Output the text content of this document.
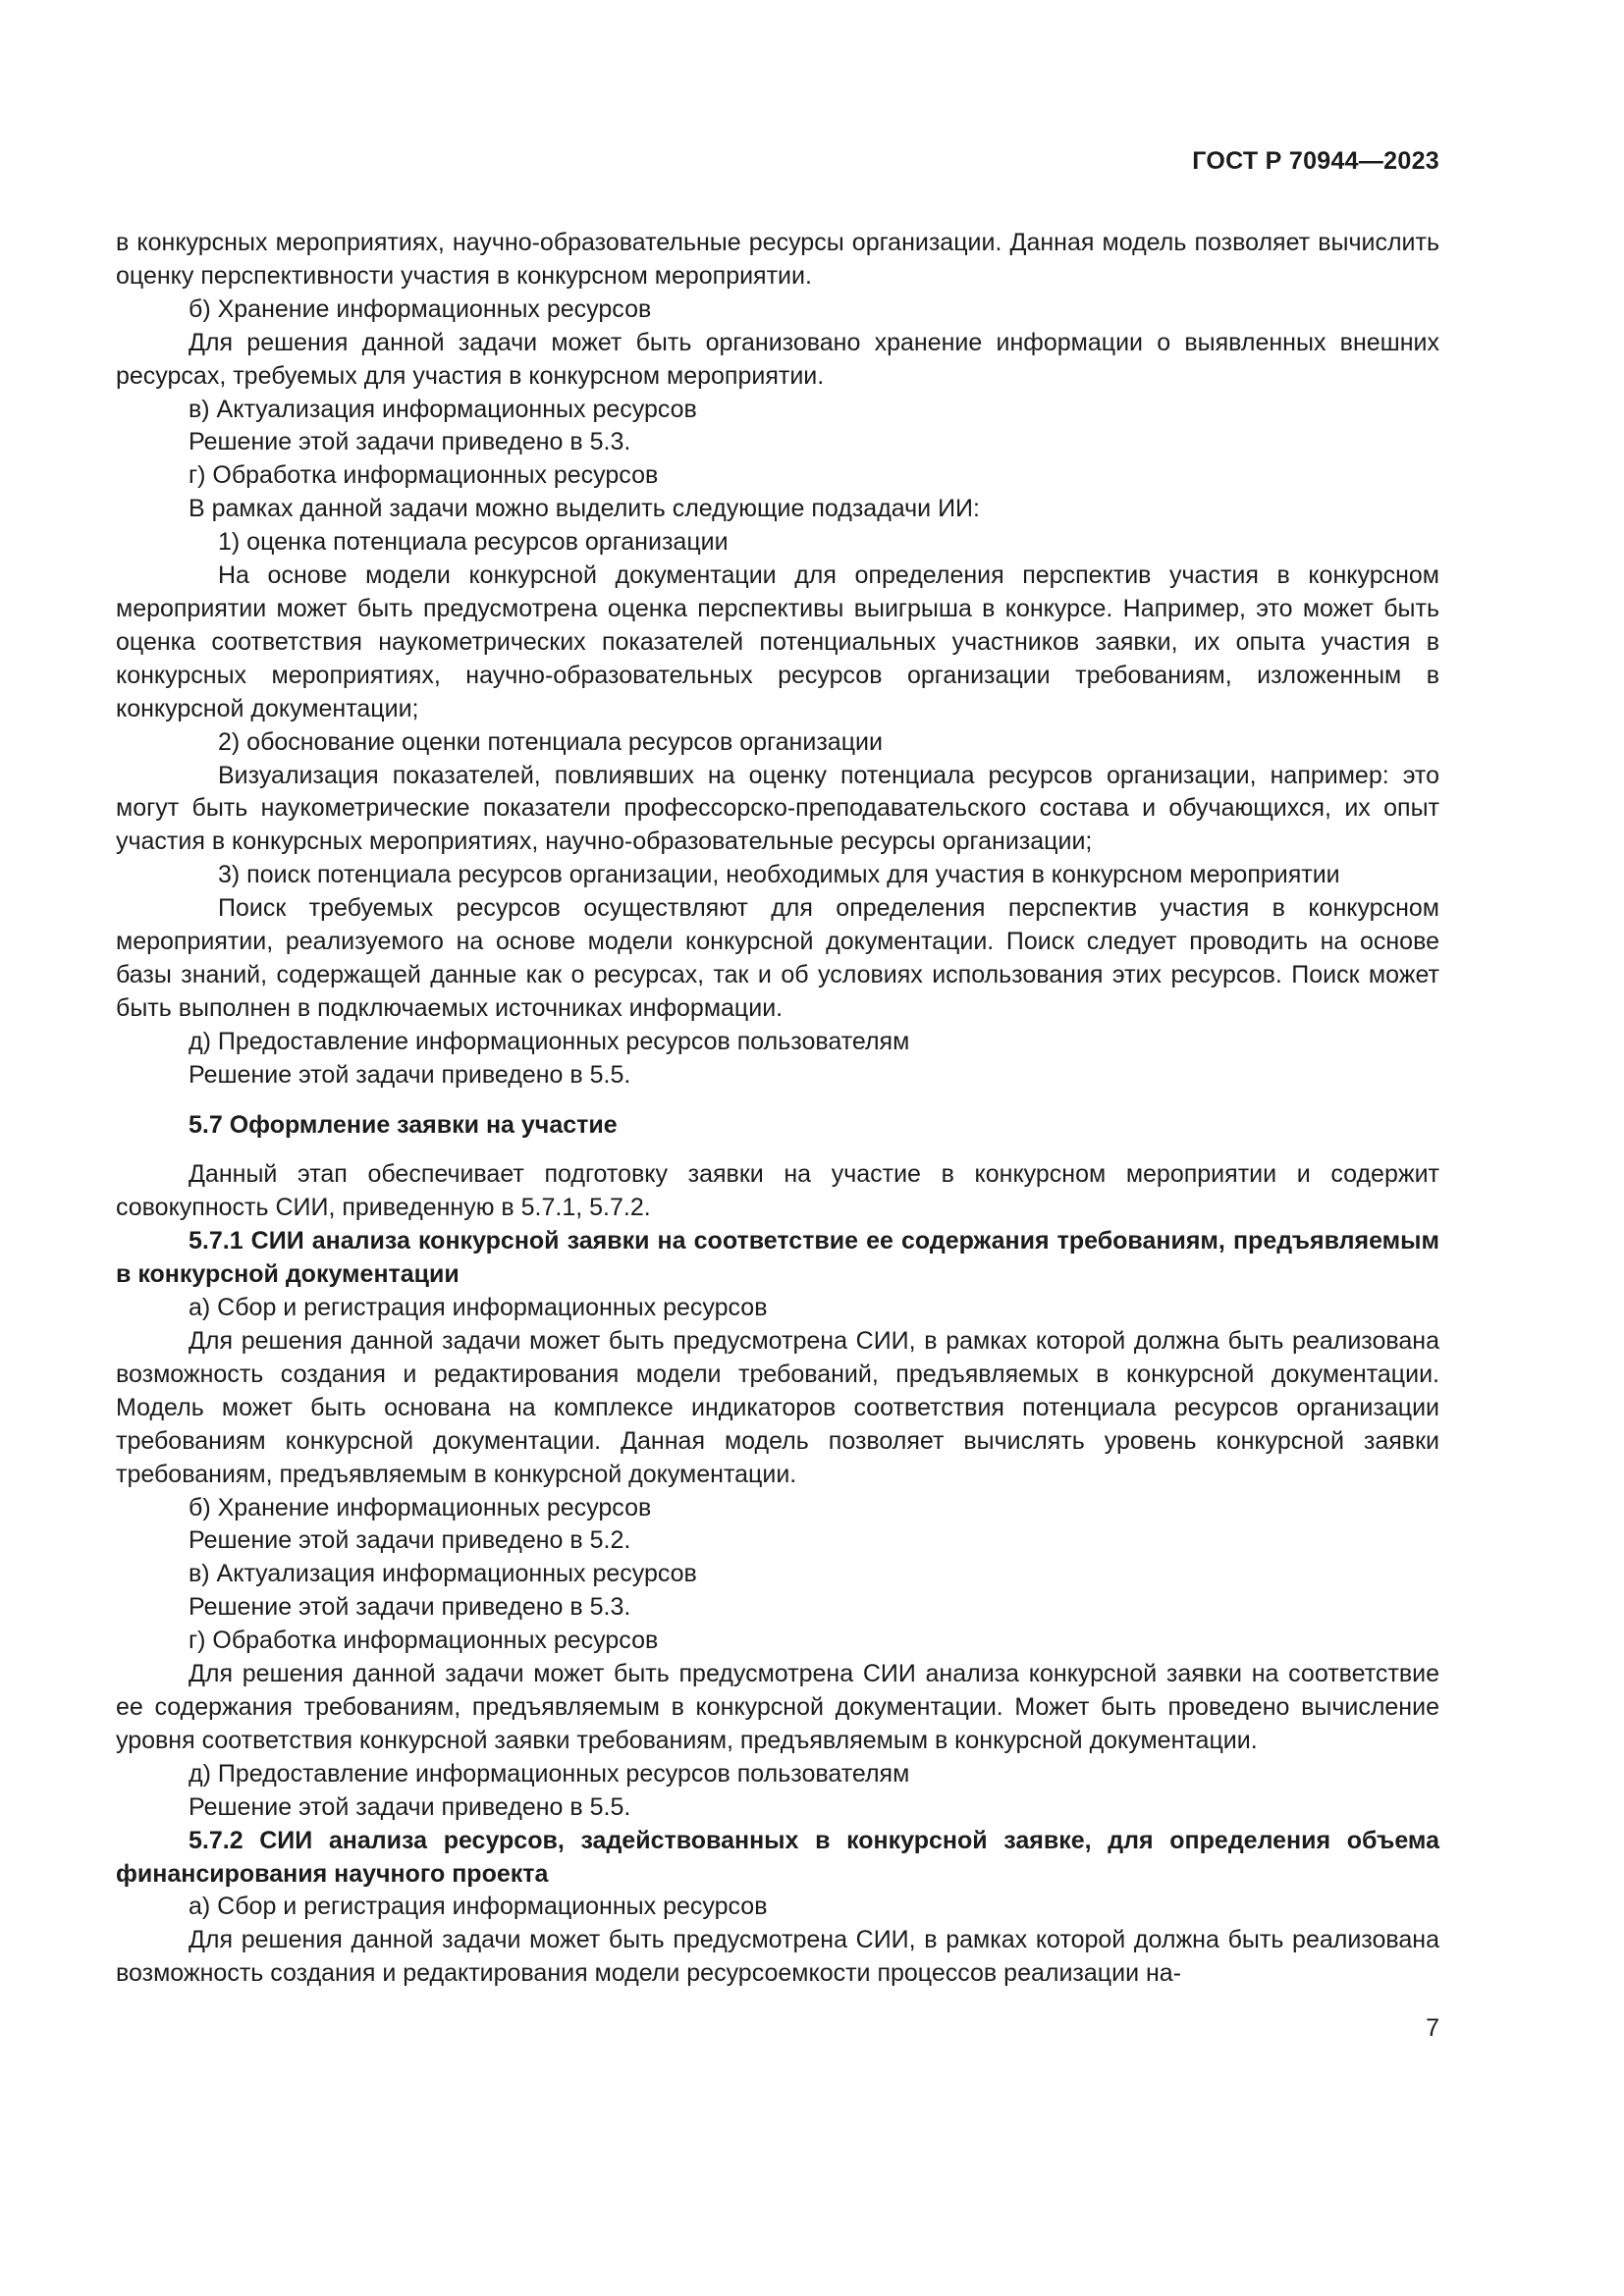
ГОСТ Р 70944—2023

в конкурсных мероприятиях, научно-образовательные ресурсы организации. Данная модель позволяет вычислить оценку перспективности участия в конкурсном мероприятии.

б) Хранение информационных ресурсов

Для решения данной задачи может быть организовано хранение информации о выявленных внешних ресурсах, требуемых для участия в конкурсном мероприятии.

в) Актуализация информационных ресурсов

Решение этой задачи приведено в 5.3.

г) Обработка информационных ресурсов

В рамках данной задачи можно выделить следующие подзадачи ИИ:

1) оценка потенциала ресурсов организации

На основе модели конкурсной документации для определения перспектив участия в конкурсном мероприятии может быть предусмотрена оценка перспективы выигрыша в конкурсе. Например, это может быть оценка соответствия наукометрических показателей потенциальных участников заявки, их опыта участия в конкурсных мероприятиях, научно-образовательных ресурсов организации требованиям, изложенным в конкурсной документации;

2) обоснование оценки потенциала ресурсов организации

Визуализация показателей, повлиявших на оценку потенциала ресурсов организации, например: это могут быть наукометрические показатели профессорско-преподавательского состава и обучающихся, их опыт участия в конкурсных мероприятиях, научно-образовательные ресурсы организации;

3) поиск потенциала ресурсов организации, необходимых для участия в конкурсном мероприятии

Поиск требуемых ресурсов осуществляют для определения перспектив участия в конкурсном мероприятии, реализуемого на основе модели конкурсной документации. Поиск следует проводить на основе базы знаний, содержащей данные как о ресурсах, так и об условиях использования этих ресурсов. Поиск может быть выполнен в подключаемых источниках информации.

д) Предоставление информационных ресурсов пользователям

Решение этой задачи приведено в 5.5.

5.7 Оформление заявки на участие

Данный этап обеспечивает подготовку заявки на участие в конкурсном мероприятии и содержит совокупность СИИ, приведенную в 5.7.1, 5.7.2.

5.7.1 СИИ анализа конкурсной заявки на соответствие ее содержания требованиям, предъявляемым в конкурсной документации

а) Сбор и регистрация информационных ресурсов

Для решения данной задачи может быть предусмотрена СИИ, в рамках которой должна быть реализована возможность создания и редактирования модели требований, предъявляемых в конкурсной документации. Модель может быть основана на комплексе индикаторов соответствия потенциала ресурсов организации требованиям конкурсной документации. Данная модель позволяет вычислять уровень конкурсной заявки требованиям, предъявляемым в конкурсной документации.

б) Хранение информационных ресурсов

Решение этой задачи приведено в 5.2.

в) Актуализация информационных ресурсов

Решение этой задачи приведено в 5.3.

г) Обработка информационных ресурсов

Для решения данной задачи может быть предусмотрена СИИ анализа конкурсной заявки на соответствие ее содержания требованиям, предъявляемым в конкурсной документации. Может быть проведено вычисление уровня соответствия конкурсной заявки требованиям, предъявляемым в конкурсной документации.

д) Предоставление информационных ресурсов пользователям

Решение этой задачи приведено в 5.5.

5.7.2 СИИ анализа ресурсов, задействованных в конкурсной заявке, для определения объема финансирования научного проекта

а) Сбор и регистрация информационных ресурсов

Для решения данной задачи может быть предусмотрена СИИ, в рамках которой должна быть реализована возможность создания и редактирования модели ресурсоемкости процессов реализации на-

7
